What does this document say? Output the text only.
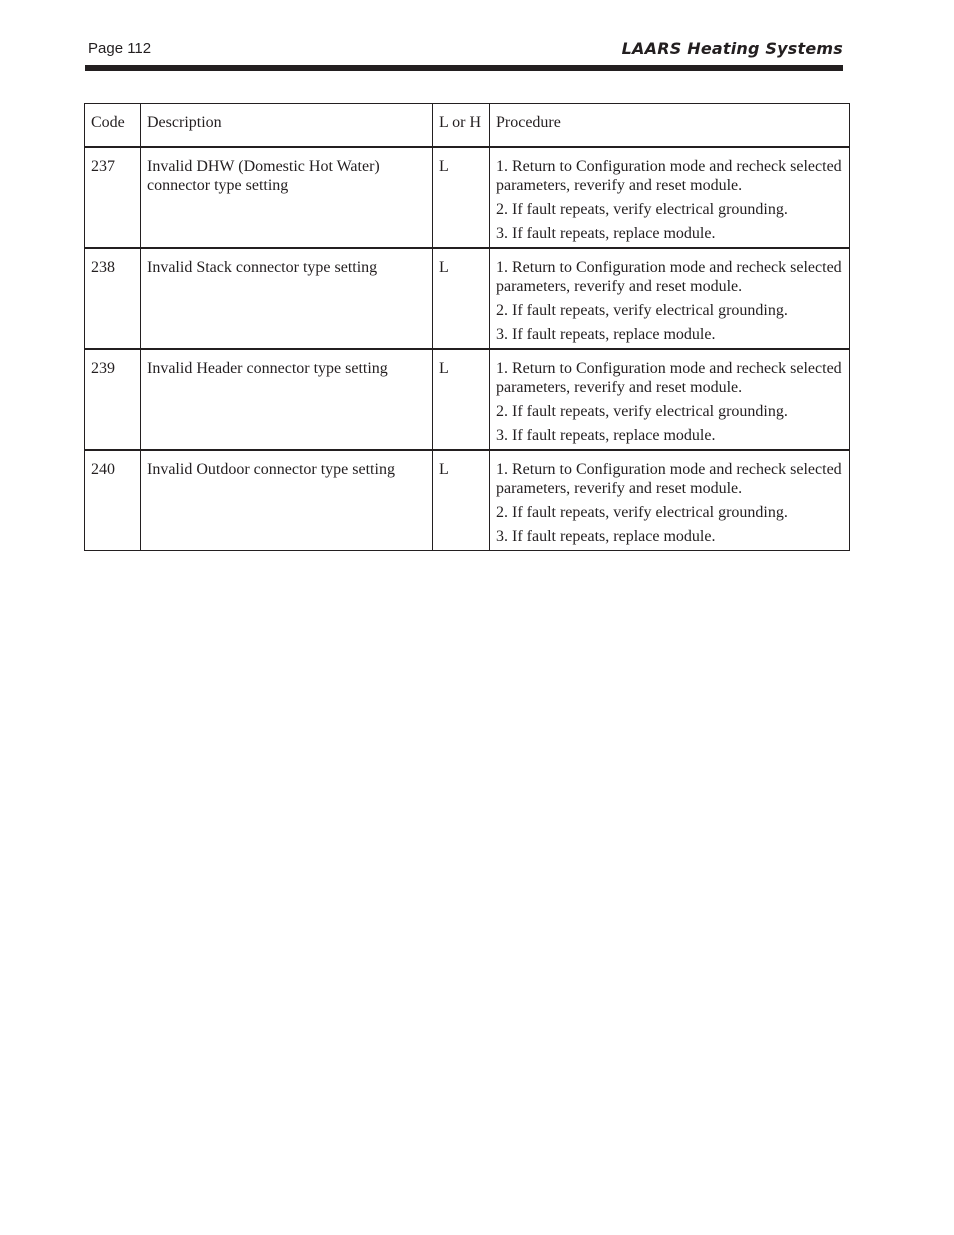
Page 112	LAARS Heating Systems
Code	Description	L or H	Procedure
237	Invalid DHW (Domestic Hot Water) connector type setting	L	1. Return to Configuration mode and recheck selected parameters, reverify and reset module.
2. If fault repeats, verify electrical grounding.
3. If fault repeats, replace module.

238	Invalid Stack connector type setting	L	1. Return to Configuration mode and recheck selected parameters, reverify and reset module.
2. If fault repeats, verify electrical grounding.
3. If fault repeats, replace module.

239	Invalid Header connector type setting	L	1. Return to Configuration mode and recheck selected parameters, reverify and reset module.
2. If fault repeats, verify electrical grounding.
3. If fault repeats, replace module.

240	Invalid Outdoor connector type setting	L	1. Return to Configuration mode and recheck selected parameters, reverify and reset module.
2. If fault repeats, verify electrical grounding.
3. If fault repeats, replace module.
